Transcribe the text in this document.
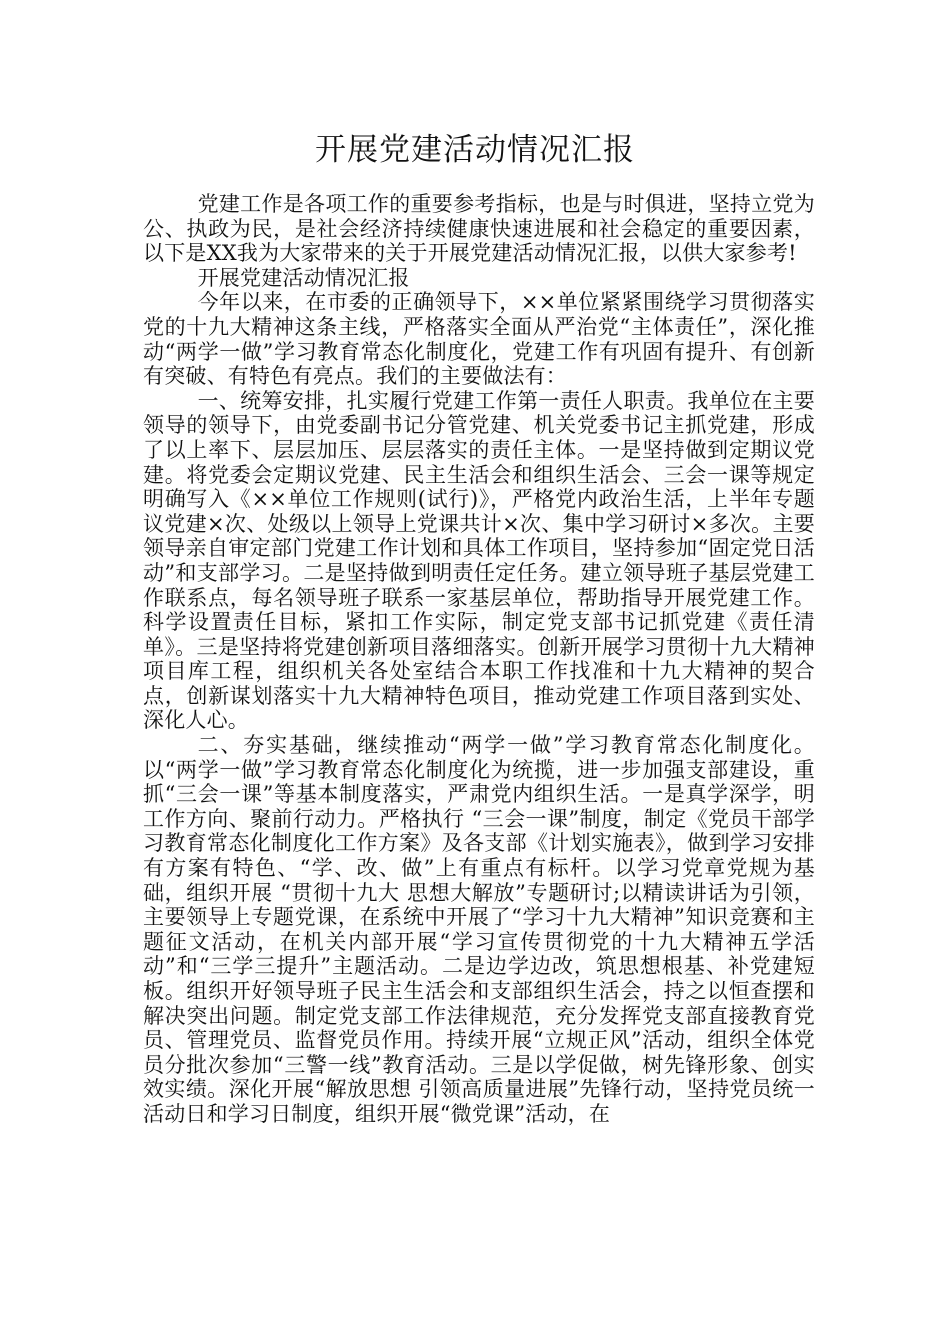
开展党建活动情况汇报

党建工作是各项工作的重要参考指标，也是与时俱进，坚持立党为公、执政为民，是社会经济持续健康快速进展和社会稳定的重要因素，以下是XX我为大家带来的关于开展党建活动情况汇报，以供大家参考!

开展党建活动情况汇报

今年以来，在市委的正确领导下，××单位紧紧围绕学习贯彻落实党的十九大精神这条主线，严格落实全面从严治党“主体责任”，深化推动“两学一做”学习教育常态化制度化，党建工作有巩固有提升、有创新有突破、有特色有亮点。我们的主要做法有：

一、统筹安排，扎实履行党建工作第一责任人职责。我单位在主要领导的领导下，由党委副书记分管党建、机关党委书记主抓党建，形成了以上率下、层层加压、层层落实的责任主体。一是坚持做到定期议党建。将党委会定期议党建、民主生活会和组织生活会、三会一课等规定明确写入《××单位工作规则(试行)》，严格党内政治生活，上半年专题议党建×次、处级以上领导上党课共计×次、集中学习研讨×多次。主要领导亲自审定部门党建工作计划和具体工作项目，坚持参加“固定党日活动”和支部学习。二是坚持做到明责任定任务。建立领导班子基层党建工作联系点，每名领导班子联系一家基层单位，帮助指导开展党建工作。科学设置责任目标，紧扣工作实际，制定党支部书记抓党建《责任清单》。三是坚持将党建创新项目落细落实。创新开展学习贯彻十九大精神项目库工程，组织机关各处室结合本职工作找准和十九大精神的契合点，创新谋划落实十九大精神特色项目，推动党建工作项目落到实处、深化人心。

二、夯实基础，继续推动“两学一做”学习教育常态化制度化。以“两学一做”学习教育常态化制度化为统揽，进一步加强支部建设，重抓“三会一课”等基本制度落实，严肃党内组织生活。一是真学深学，明工作方向、聚前行动力。严格执行 “三会一课”制度，制定《党员干部学习教育常态化制度化工作方案》及各支部《计划实施表》，做到学习安排有方案有特色、“学、改、做”上有重点有标杆。以学习党章党规为基础，组织开展 “贯彻十九大 思想大解放”专题研讨;以精读讲话为引领，主要领导上专题党课，在系统中开展了“学习十九大精神”知识竞赛和主题征文活动，在机关内部开展“学习宣传贯彻党的十九大精神五学活动”和“三学三提升”主题活动。二是边学边改，筑思想根基、补党建短板。组织开好领导班子民主生活会和支部组织生活会，持之以恒查摆和解决突出问题。制定党支部工作法律规范，充分发挥党支部直接教育党员、管理党员、监督党员作用。持续开展“立规正风”活动，组织全体党员分批次参加“三警一线”教育活动。三是以学促做，树先锋形象、创实效实绩。深化开展“解放思想 引领高质量进展”先锋行动，坚持党员统一活动日和学习日制度，组织开展“微党课”活动，在
